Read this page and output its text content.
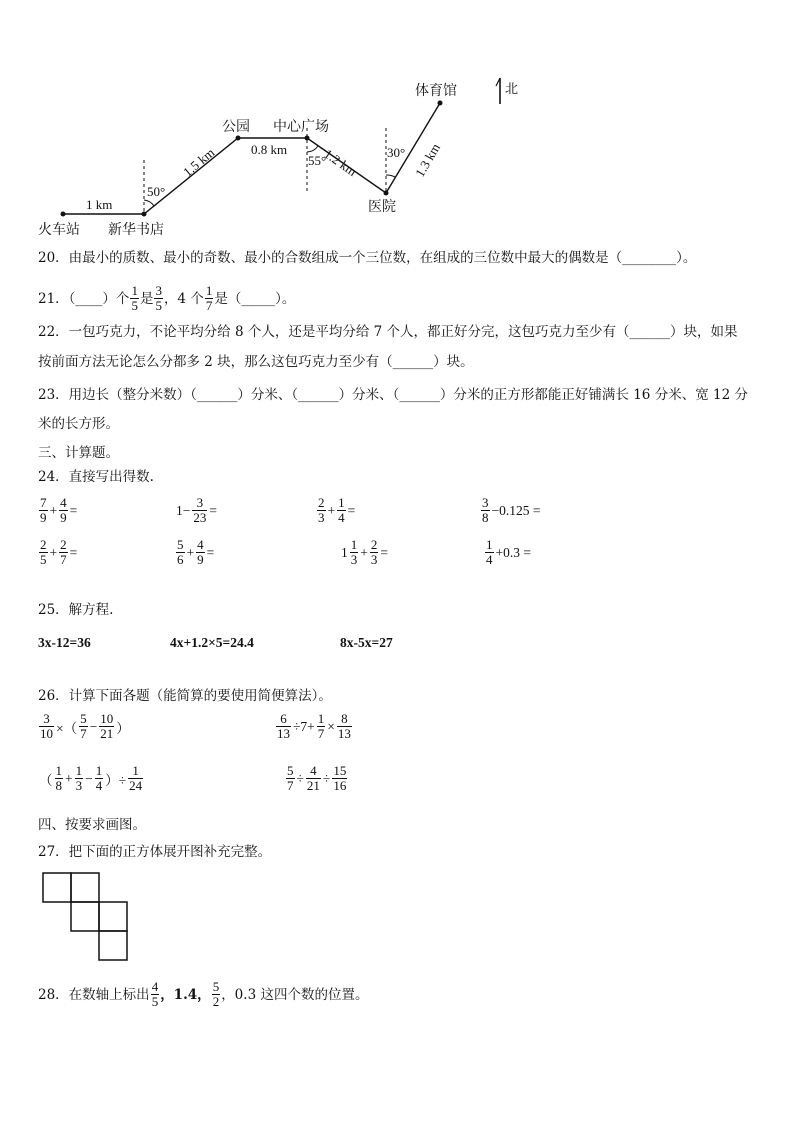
体育馆	北
公园 中心广场
医院
火车站 新华书店
1 km
1.5 km	0.8 km	1.2 km	1.3 km
50°
55°
30°
20．由最小的质数、最小的奇数、最小的合数组成一个三位数，在组成的三位数中最大的偶数是（________）。
21．（____）个 $\frac{1}{5}$ 是 $\frac{3}{5}$ ，4 个 $\frac{1}{7}$ 是（_____）。
22．一包巧克力，不论平均分给 8 个人，还是平均分给 7 个人，都正好分完，这包巧克力至少有（______）块，如果
按前面方法无论怎么分都多 2 块，那么这包巧克力至少有（______）块。
23．用边长（整分米数）（______）分米、（______）分米、（______）分米的正方形都能正好铺满长 16 分米、宽 12 分
米的长方形。
三、计算题。
24．直接写出得数.
$\frac{7}{9} + \frac{4}{9}$ =	$1- \frac{3}{23}$ =	$\frac{2}{3} + \frac{1}{4}$ =	$\frac{3}{8} -0.125$ =
$\frac{2}{5} + \frac{2}{7}$ =	$\frac{5}{6} + \frac{4}{9}$ =	$1 \frac{1}{3} + \frac{2}{3}$ =	$\frac{1}{4} +0.3$ =
25．解方程.
3x-12=36	4x+1.2×5=24.4	8x-5x=27
26．计算下面各题（能简算的要使用简便算法）。
$\frac{3}{10}$ ×（ $\frac{5}{7} - \frac{10}{21}$ ）	$\frac{6}{13} \div 7+ \frac{1}{7} \times \frac{8}{13}$
（ $\frac{1}{8} + \frac{1}{3} - \frac{1}{4}$ ）÷ $\frac{1}{24}$	$\frac{5}{7} \div \frac{4}{21} \div \frac{15}{16}$
四、按要求画图。
27．把下面的正方体展开图补充完整。
28．在数轴上标出 $\frac{4}{5}$ ，1.4， $\frac{5}{2}$ ，0.3 这四个数的位置。
